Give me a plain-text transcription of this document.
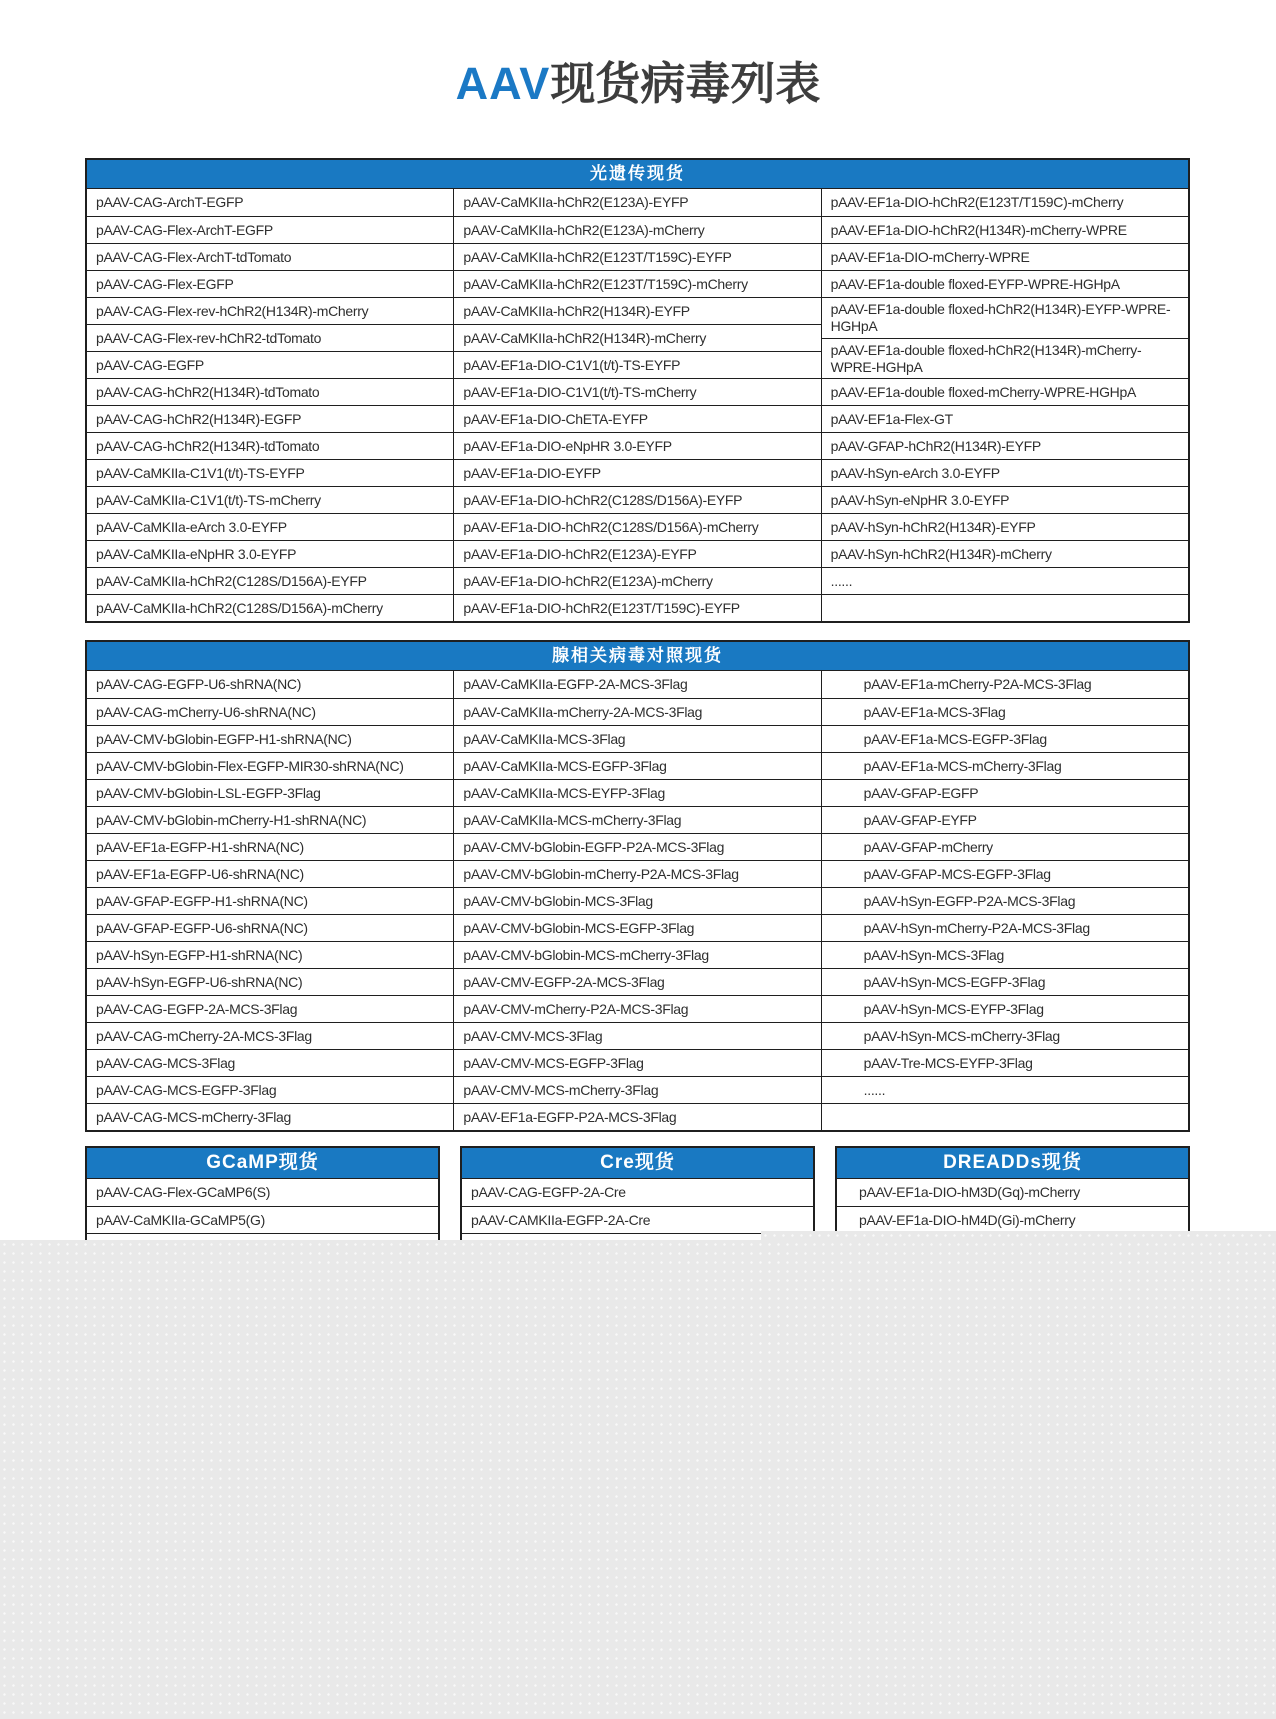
AAV现货病毒列表
光遗传现货
pAAV-CAG-ArchT-EGFP
pAAV-CAG-Flex-ArchT-EGFP
pAAV-CAG-Flex-ArchT-tdTomato
pAAV-CAG-Flex-EGFP
pAAV-CAG-Flex-rev-hChR2(H134R)-mCherry
pAAV-CAG-Flex-rev-hChR2-tdTomato
pAAV-CAG-EGFP
pAAV-CAG-hChR2(H134R)-tdTomato
pAAV-CAG-hChR2(H134R)-EGFP
pAAV-CAG-hChR2(H134R)-tdTomato
pAAV-CaMKIIa-C1V1(t/t)-TS-EYFP
pAAV-CaMKIIa-C1V1(t/t)-TS-mCherry
pAAV-CaMKIIa-eArch 3.0-EYFP
pAAV-CaMKIIa-eNpHR 3.0-EYFP
pAAV-CaMKIIa-hChR2(C128S/D156A)-EYFP
pAAV-CaMKIIa-hChR2(C128S/D156A)-mCherry
pAAV-CaMKIIa-hChR2(E123A)-EYFP
pAAV-CaMKIIa-hChR2(E123A)-mCherry
pAAV-CaMKIIa-hChR2(E123T/T159C)-EYFP
pAAV-CaMKIIa-hChR2(E123T/T159C)-mCherry
pAAV-CaMKIIa-hChR2(H134R)-EYFP
pAAV-CaMKIIa-hChR2(H134R)-mCherry
pAAV-EF1a-DIO-C1V1(t/t)-TS-EYFP
pAAV-EF1a-DIO-C1V1(t/t)-TS-mCherry
pAAV-EF1a-DIO-ChETA-EYFP
pAAV-EF1a-DIO-eNpHR 3.0-EYFP
pAAV-EF1a-DIO-EYFP
pAAV-EF1a-DIO-hChR2(C128S/D156A)-EYFP
pAAV-EF1a-DIO-hChR2(C128S/D156A)-mCherry
pAAV-EF1a-DIO-hChR2(E123A)-EYFP
pAAV-EF1a-DIO-hChR2(E123A)-mCherry
pAAV-EF1a-DIO-hChR2(E123T/T159C)-EYFP
pAAV-EF1a-DIO-hChR2(E123T/T159C)-mCherry
pAAV-EF1a-DIO-hChR2(H134R)-mCherry-WPRE
pAAV-EF1a-DIO-mCherry-WPRE
pAAV-EF1a-double floxed-EYFP-WPRE-HGHpA
pAAV-EF1a-double floxed-hChR2(H134R)-EYFP-WPRE-HGHpA
pAAV-EF1a-double floxed-hChR2(H134R)-mCherry-WPRE-HGHpA
pAAV-EF1a-double floxed-mCherry-WPRE-HGHpA
pAAV-EF1a-Flex-GT
pAAV-GFAP-hChR2(H134R)-EYFP
pAAV-hSyn-eArch 3.0-EYFP
pAAV-hSyn-eNpHR 3.0-EYFP
pAAV-hSyn-hChR2(H134R)-EYFP
pAAV-hSyn-hChR2(H134R)-mCherry
......
腺相关病毒对照现货
pAAV-CAG-EGFP-U6-shRNA(NC)
pAAV-CAG-mCherry-U6-shRNA(NC)
pAAV-CMV-bGlobin-EGFP-H1-shRNA(NC)
pAAV-CMV-bGlobin-Flex-EGFP-MIR30-shRNA(NC)
pAAV-CMV-bGlobin-LSL-EGFP-3Flag
pAAV-CMV-bGlobin-mCherry-H1-shRNA(NC)
pAAV-EF1a-EGFP-H1-shRNA(NC)
pAAV-EF1a-EGFP-U6-shRNA(NC)
pAAV-GFAP-EGFP-H1-shRNA(NC)
pAAV-GFAP-EGFP-U6-shRNA(NC)
pAAV-hSyn-EGFP-H1-shRNA(NC)
pAAV-hSyn-EGFP-U6-shRNA(NC)
pAAV-CAG-EGFP-2A-MCS-3Flag
pAAV-CAG-mCherry-2A-MCS-3Flag
pAAV-CAG-MCS-3Flag
pAAV-CAG-MCS-EGFP-3Flag
pAAV-CAG-MCS-mCherry-3Flag
pAAV-CaMKIIa-EGFP-2A-MCS-3Flag
pAAV-CaMKIIa-mCherry-2A-MCS-3Flag
pAAV-CaMKIIa-MCS-3Flag
pAAV-CaMKIIa-MCS-EGFP-3Flag
pAAV-CaMKIIa-MCS-EYFP-3Flag
pAAV-CaMKIIa-MCS-mCherry-3Flag
pAAV-CMV-bGlobin-EGFP-P2A-MCS-3Flag
pAAV-CMV-bGlobin-mCherry-P2A-MCS-3Flag
pAAV-CMV-bGlobin-MCS-3Flag
pAAV-CMV-bGlobin-MCS-EGFP-3Flag
pAAV-CMV-bGlobin-MCS-mCherry-3Flag
pAAV-CMV-EGFP-2A-MCS-3Flag
pAAV-CMV-mCherry-P2A-MCS-3Flag
pAAV-CMV-MCS-3Flag
pAAV-CMV-MCS-EGFP-3Flag
pAAV-CMV-MCS-mCherry-3Flag
pAAV-EF1a-EGFP-P2A-MCS-3Flag
pAAV-EF1a-mCherry-P2A-MCS-3Flag
pAAV-EF1a-MCS-3Flag
pAAV-EF1a-MCS-EGFP-3Flag
pAAV-EF1a-MCS-mCherry-3Flag
pAAV-GFAP-EGFP
pAAV-GFAP-EYFP
pAAV-GFAP-mCherry
pAAV-GFAP-MCS-EGFP-3Flag
pAAV-hSyn-EGFP-P2A-MCS-3Flag
pAAV-hSyn-mCherry-P2A-MCS-3Flag
pAAV-hSyn-MCS-3Flag
pAAV-hSyn-MCS-EGFP-3Flag
pAAV-hSyn-MCS-EYFP-3Flag
pAAV-hSyn-MCS-mCherry-3Flag
pAAV-Tre-MCS-EYFP-3Flag
......
GCaMP现货
pAAV-CAG-Flex-GCaMP6(S)
pAAV-CaMKIIa-GCaMP5(G)
Cre现货
pAAV-CAG-EGFP-2A-Cre
pAAV-CAMKIIa-EGFP-2A-Cre
DREADDs现货
pAAV-EF1a-DIO-hM3D(Gq)-mCherry
pAAV-EF1a-DIO-hM4D(Gi)-mCherry
